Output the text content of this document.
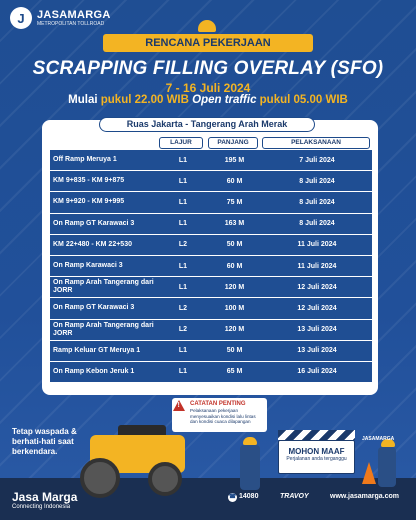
J JASAMARGA
METROPOLITAN TOLLROAD
RENCANA PEKERJAAN
SCRAPPING FILLING OVERLAY (SFO)
7 - 16 Juli 2024
Mulai pukul 22.00 WIB Open traffic pukul 05.00 WIB
Ruas Jakarta - Tangerang Arah Merak
LAJUR	PANJANG	PELAKSANAAN
Off Ramp Meruya 1	L1	195 M	7 Juli 2024
KM 9+835 - KM 9+875	L1	60 M	8 Juli 2024
KM 9+920 - KM 9+995	L1	75 M	8 Juli 2024
On Ramp GT Karawaci 3	L1	163 M	8 Juli 2024
KM 22+480 - KM 22+530	L2	50 M	11 Juli 2024
On Ramp Karawaci 3	L1	60 M	11 Juli 2024
On Ramp Arah Tangerang dari JORR	L1	120 M	12 Juli 2024
On Ramp GT Karawaci 3	L2	100 M	12 Juli 2024
On Ramp Arah Tangerang dari JORR	L2	120 M	13 Juli 2024
Ramp Keluar GT Meruya 1	L1	50 M	13 Juli 2024
On Ramp Kebon Jeruk 1	L1	65 M	16 Juli 2024
CATATAN PENTING
Pelaksanaan pekerjaan menyesuaikan kondisi lalu lintas dan kondisi cuaca dilapangan
!
Tetap waspada & berhati-hati saat berkendara.	MOHON MAAF
Perjalanan anda terganggu
JASAMARGA
Jasa Marga
Connecting Indonesia
☎ 14080	TRAVOY	www.jasamarga.com
